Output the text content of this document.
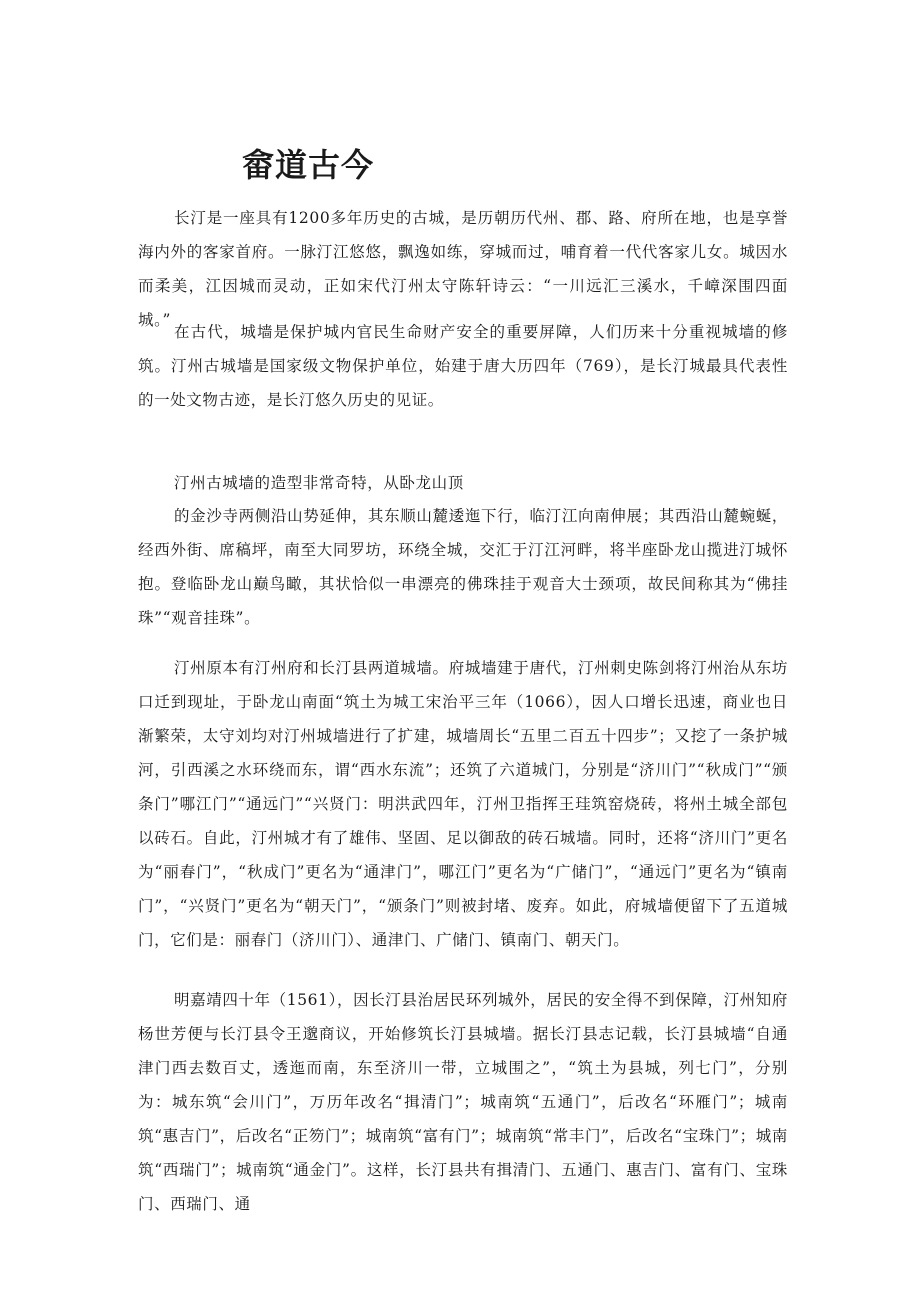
畲道古今

长汀是一座具有1200多年历史的古城，是历朝历代州、郡、路、府所在地，也是享誉海内外的客家首府。一脉汀江悠悠，飘逸如练，穿城而过，哺育着一代代客家儿女。城因水而柔美，江因城而灵动，正如宋代汀州太守陈轩诗云：“一川远汇三溪水，千嶂深围四面城。”

在古代，城墙是保护城内官民生命财产安全的重要屏障，人们历来十分重视城墙的修筑。汀州古城墙是国家级文物保护单位，始建于唐大历四年（769），是长汀城最具代表性的一处文物古迹，是长汀悠久历史的见证。

汀州古城墙的造型非常奇特，从卧龙山顶

的金沙寺两侧沿山势延伸，其东顺山麓逶迤下行，临汀江向南伸展；其西沿山麓蜿蜒，经西外街、席稿坪，南至大同罗坊，环绕全城，交汇于汀江河畔，将半座卧龙山揽进汀城怀抱。登临卧龙山巅鸟瞰，其状恰似一串漂亮的佛珠挂于观音大士颈项，故民间称其为“佛挂珠”“观音挂珠”。

汀州原本有汀州府和长汀县两道城墙。府城墙建于唐代，汀州刺史陈剑将汀州治从东坊口迁到现址，于卧龙山南面“筑土为城工宋治平三年（1066），因人口增长迅速，商业也日渐繁荣，太守刘均对汀州城墙进行了扩建，城墙周长“五里二百五十四步”；又挖了一条护城河，引西溪之水环绕而东，谓“西水东流”；还筑了六道城门，分别是“济川门”“秋成门”“颁条门”哪江门”“通远门”“兴贤门：明洪武四年，汀州卫指挥王珪筑窑烧砖，将州土城全部包以砖石。自此，汀州城才有了雄伟、坚固、足以御敌的砖石城墙。同时，还将“济川门”更名为“丽春门”，“秋成门”更名为“通津门”，哪江门”更名为“广储门”，“通远门”更名为“镇南门”，“兴贤门”更名为“朝天门”，“颁条门”则被封堵、废弃。如此，府城墙便留下了五道城门，它们是：丽春门（济川门）、通津门、广储门、镇南门、朝天门。

明嘉靖四十年（1561），因长汀县治居民环列城外，居民的安全得不到保障，汀州知府杨世芳便与长汀县令王邈商议，开始修筑长汀县城墙。据长汀县志记载，长汀县城墙“自通津门西去数百丈，透迤而南，东至济川一带，立城围之”，“筑土为县城，列七门”，分别为：城东筑“会川门”，万历年改名“揖清门”；城南筑“五通门”，后改名“环雁门”；城南筑“惠吉门”，后改名“正笏门”；城南筑“富有门”；城南筑“常丰门”，后改名“宝珠门”；城南筑“西瑞门”；城南筑“通金门”。这样，长汀县共有揖清门、五通门、惠吉门、富有门、宝珠门、西瑞门、通
